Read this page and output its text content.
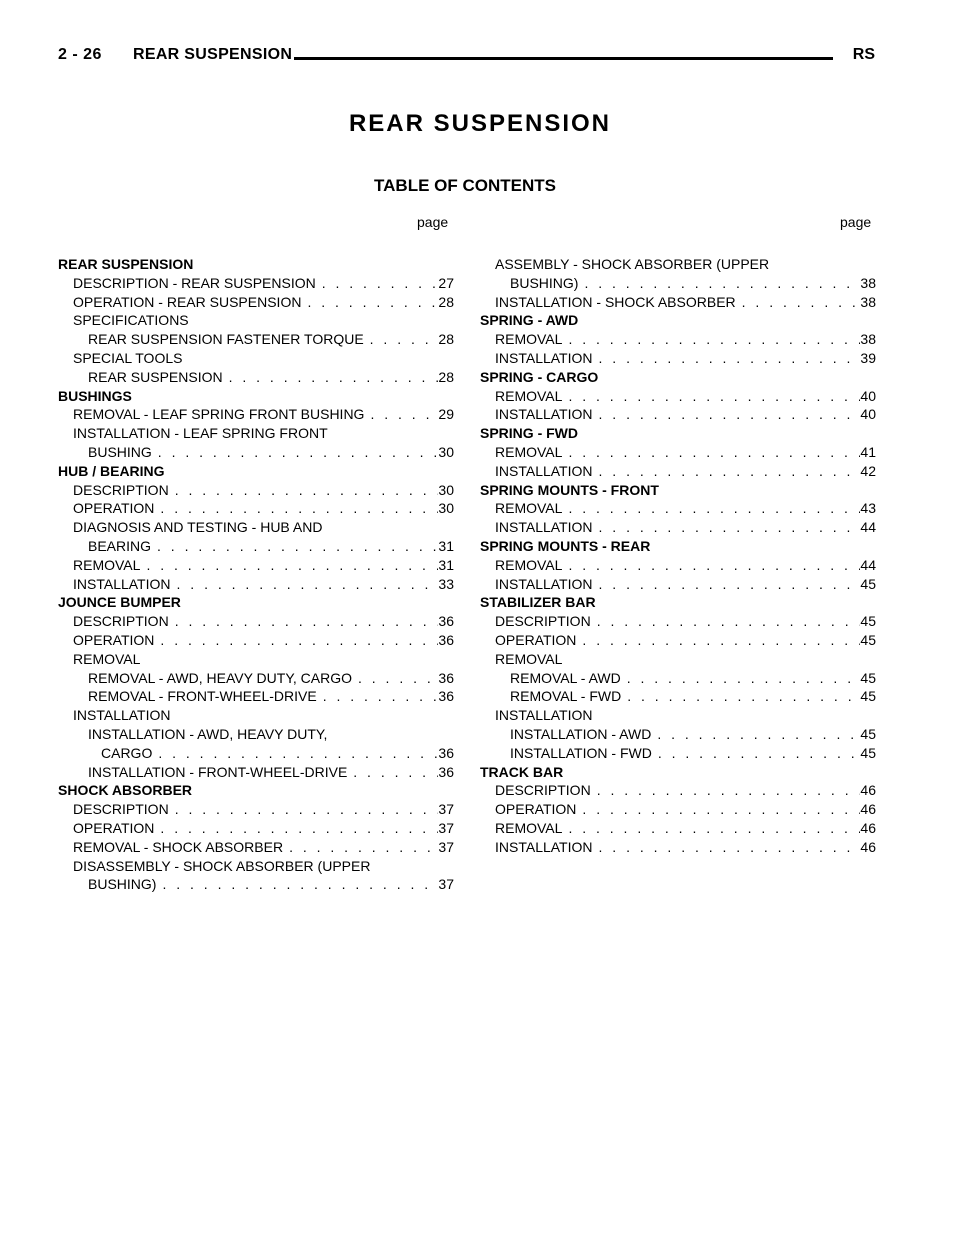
2 - 26 REAR SUSPENSION	RS
REAR SUSPENSION
TABLE OF CONTENTS
page	page
REAR SUSPENSION
DESCRIPTION - REAR SUSPENSION . . .	27
OPERATION - REAR SUSPENSION . . .	28
SPECIFICATIONS
REAR SUSPENSION FASTENER TORQUE . . .	28
SPECIAL TOOLS
REAR SUSPENSION . . .	28
BUSHINGS
REMOVAL - LEAF SPRING FRONT BUSHING . . .	29
INSTALLATION - LEAF SPRING FRONT
BUSHING . . .	30
HUB / BEARING
DESCRIPTION . . .	30
OPERATION . . .	30
DIAGNOSIS AND TESTING - HUB AND
BEARING . . .	31
REMOVAL . . .	31
INSTALLATION . . .	33
JOUNCE BUMPER
DESCRIPTION . . .	36
OPERATION . . .	36
REMOVAL
REMOVAL - AWD, HEAVY DUTY, CARGO . . .	36
REMOVAL - FRONT-WHEEL-DRIVE . . .	36
INSTALLATION
INSTALLATION - AWD, HEAVY DUTY,
CARGO . . .	36
INSTALLATION - FRONT-WHEEL-DRIVE . . .	36
SHOCK ABSORBER
DESCRIPTION . . .	37
OPERATION . . .	37
REMOVAL - SHOCK ABSORBER . . .	37
DISASSEMBLY - SHOCK ABSORBER (UPPER
BUSHING) . . .	37
ASSEMBLY - SHOCK ABSORBER (UPPER
BUSHING) . . .	38
INSTALLATION - SHOCK ABSORBER . . .	38
SPRING - AWD
REMOVAL . . .	38
INSTALLATION . . .	39
SPRING - CARGO
REMOVAL . . .	40
INSTALLATION . . .	40
SPRING - FWD
REMOVAL . . .	41
INSTALLATION . . .	42
SPRING MOUNTS - FRONT
REMOVAL . . .	43
INSTALLATION . . .	44
SPRING MOUNTS - REAR
REMOVAL . . .	44
INSTALLATION . . .	45
STABILIZER BAR
DESCRIPTION . . .	45
OPERATION . . .	45
REMOVAL
REMOVAL - AWD . . .	45
REMOVAL - FWD . . .	45
INSTALLATION
INSTALLATION - AWD . . .	45
INSTALLATION - FWD . . .	45
TRACK BAR
DESCRIPTION . . .	46
OPERATION . . .	46
REMOVAL . . .	46
INSTALLATION . . .	46
